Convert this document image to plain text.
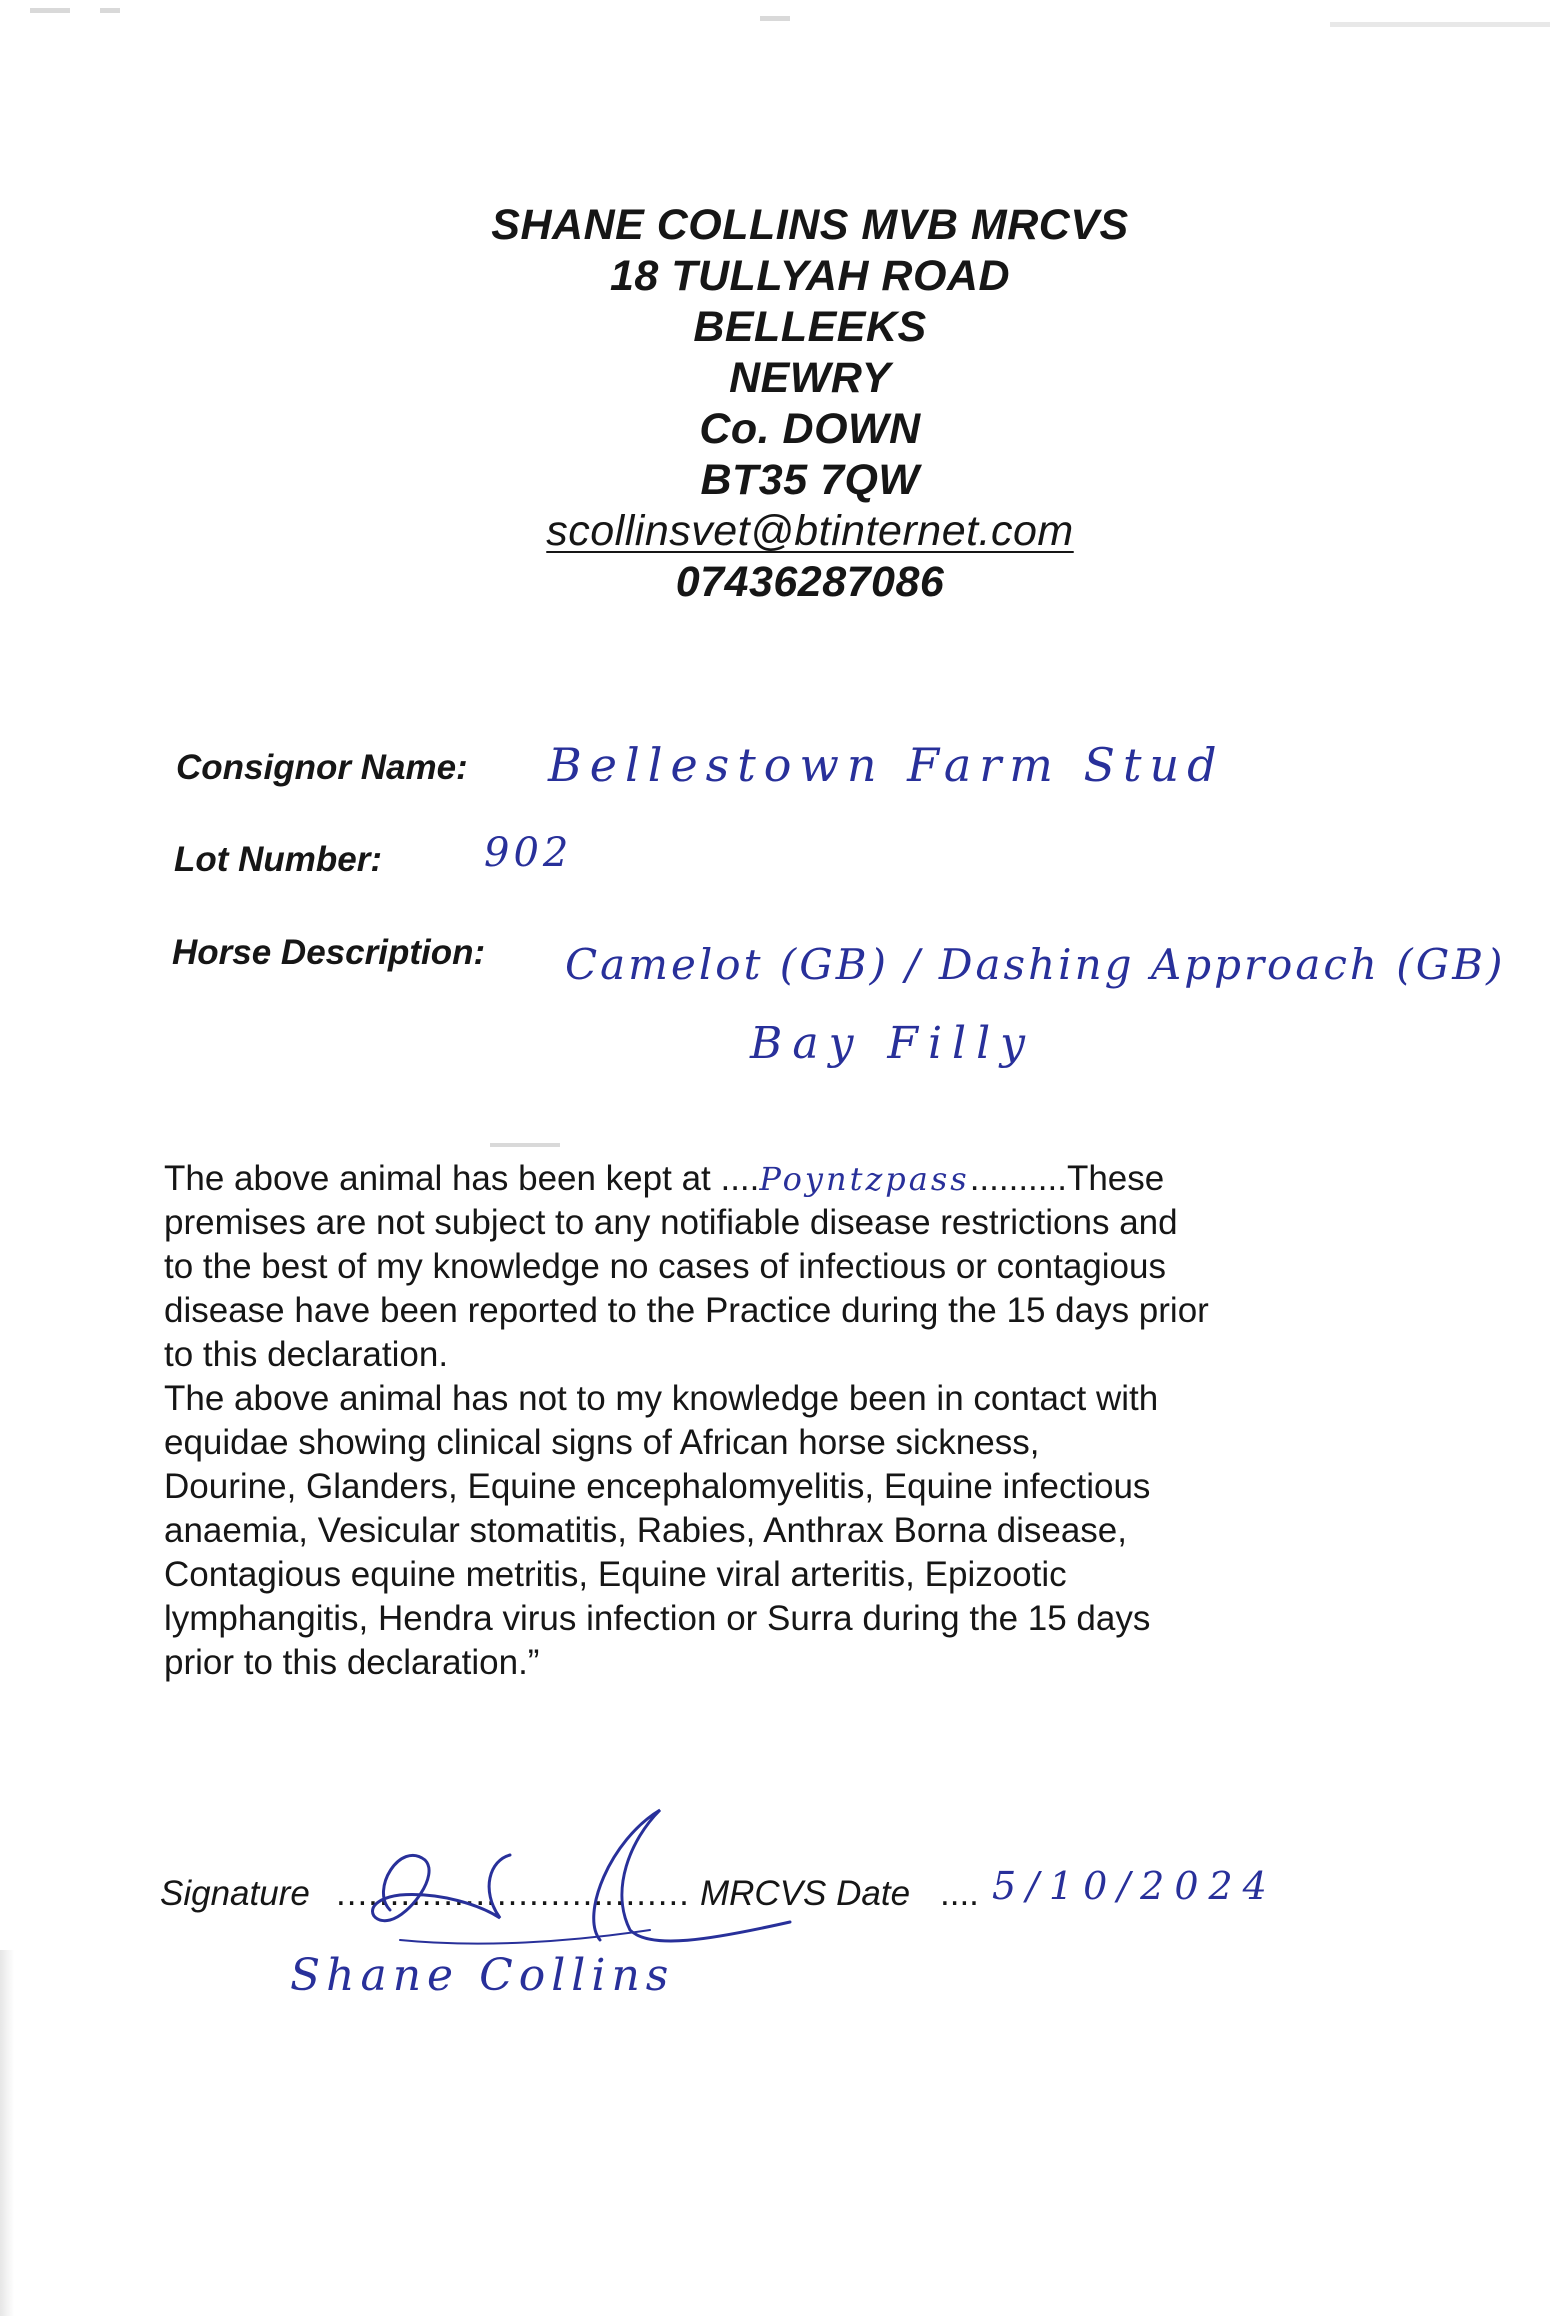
SHANE COLLINS MVB MRCVS
18 TULLYAH ROAD
BELLEEKS
NEWRY
Co. DOWN
BT35 7QW
scollinsvet@btinternet.com
07436287086
Consignor Name: Bellestown Farm Stud
Lot Number:	902
Horse Description: Camelot (GB) / Dashing Approach (GB)
Bay Filly

The above animal has been kept at ....Poyntzpass..........These

premises are not subject to any notifiable disease restrictions and

to the best of my knowledge no cases of infectious or contagious

disease have been reported to the Practice during the 15 days prior

to this declaration.

The above animal has not to my knowledge been in contact with

equidae showing clinical signs of African horse sickness,

Dourine, Glanders, Equine encephalomyelitis, Equine infectious

anaemia, Vesicular stomatitis, Rabies, Anthrax Borna disease,

Contagious equine metritis, Equine viral arteritis, Epizootic

lymphangitis, Hendra virus infection or Surra during the 15 days

prior to this declaration.”

Signature ................................. MRCVS Date .... 5/10/2024
Shane Collins
